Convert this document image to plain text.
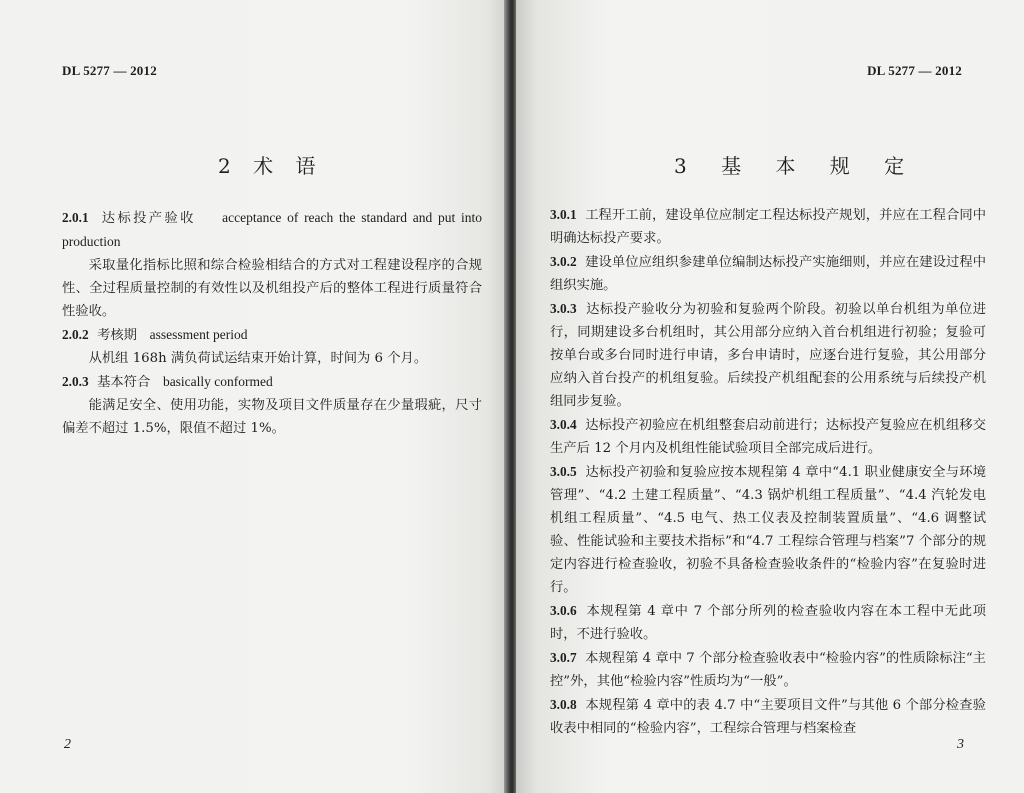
DL 5277 — 2012
2 术 语

2.0.1 达标投产验收 acceptance of reach the standard and put into production

采取量化指标比照和综合检验相结合的方式对工程建设程序的合规性、全过程质量控制的有效性以及机组投产后的整体工程进行质量符合性验收。

2.0.2 考核期 assessment period

从机组 168h 满负荷试运结束开始计算，时间为 6 个月。

2.0.3 基本符合 basically conformed

能满足安全、使用功能，实物及项目文件质量存在少量瑕疵，尺寸偏差不超过 1.5%，限值不超过 1%。

2
DL 5277 — 2012
3 基 本 规 定

3.0.1 工程开工前，建设单位应制定工程达标投产规划，并应在工程合同中明确达标投产要求。

3.0.2 建设单位应组织参建单位编制达标投产实施细则，并应在建设过程中组织实施。

3.0.3 达标投产验收分为初验和复验两个阶段。初验以单台机组为单位进行，同期建设多台机组时，其公用部分应纳入首台机组进行初验；复验可按单台或多台同时进行申请，多台申请时，应逐台进行复验，其公用部分应纳入首台投产的机组复验。后续投产机组配套的公用系统与后续投产机组同步复验。

3.0.4 达标投产初验应在机组整套启动前进行；达标投产复验应在机组移交生产后 12 个月内及机组性能试验项目全部完成后进行。

3.0.5 达标投产初验和复验应按本规程第 4 章中“4.1 职业健康安全与环境管理”、“4.2 土建工程质量”、“4.3 锅炉机组工程质量”、“4.4 汽轮发电机组工程质量”、“4.5 电气、热工仪表及控制装置质量”、“4.6 调整试验、性能试验和主要技术指标”和“4.7 工程综合管理与档案”7 个部分的规定内容进行检查验收，初验不具备检查验收条件的“检验内容”在复验时进行。

3.0.6 本规程第 4 章中 7 个部分所列的检查验收内容在本工程中无此项时，不进行验收。

3.0.7 本规程第 4 章中 7 个部分检查验收表中“检验内容”的性质除标注“主控”外，其他“检验内容”性质均为“一般”。

3.0.8 本规程第 4 章中的表 4.7 中“主要项目文件”与其他 6 个部分检查验收表中相同的“检验内容”，工程综合管理与档案检查

3
